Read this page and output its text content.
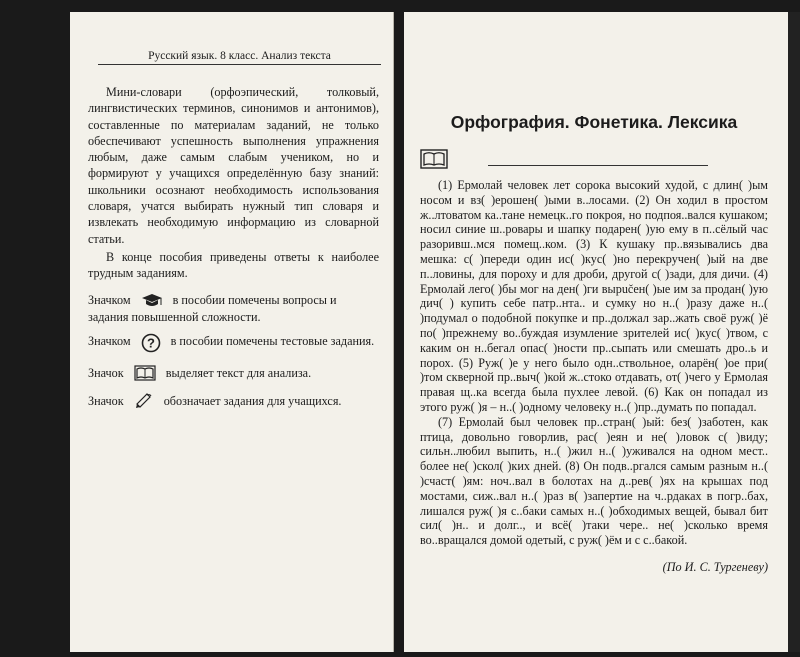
Русский язык. 8 класс. Анализ текста

Мини-словари (орфоэпический, толковый, лингвистических терминов, синонимов и антонимов), составленные по материалам заданий, не только обеспечивают успешность выполнения упражнения любым, даже самым слабым учеником, но и формируют у учащихся определённую базу знаний: школьники осознают необходимость использования словаря, учатся выбирать нужный тип словаря и извлекать необходимую информацию из словарной статьи.

В конце пособия приведены ответы к наиболее трудным заданиям.

Значком	в пособии помечены вопросы и задания повышенной сложности.
Значком ? в пособии помечены тестовые задания.
Значок	выделяет текст для анализа.
Значок	обозначает задания для учащихся.
Орфография. Фонетика. Лексика

(1) Ермолай человек лет сорока высокий худой, с длин( )ым носом и вз( )ерошен( )ыми в..лосами. (2) Он ходил в простом ж..лтоватом ка..тане немецк..го покроя, но подпоя..вался кушаком; носил синие ш..ровары и шапку подарен( )ую ему в п..сёлый час разоривш..мся помещ..ком. (3) К кушаку пр..вязывались два мешка: с( )переди один ис( )кус( )но перекручен( )ый на две п..ловины, для пороху и для дроби, другой с( )зади, для дичи. (4) Ермолай лего( )бы мог на ден( )ги вырučен( )ые им за продан( )ую дич( ) купить себе патр..нта.. и сумку но н..( )разу даже н..( )подумал о подобной покупке и пр..должал зар..жать своё руж( )ё по( )прежнему во..буждая изумление зрителей ис( )кус( )твом, с каким он н..бегал опас( )ности пр..сыпать или смешать дро..ь и порох. (5) Руж( )е у него было одн..ствольное, оларён( )ое при( )том скверной пр..выч( )кой ж..стоко отдавать, от( )чего у Ермолая правая щ..ка всегда была пухлее левой. (6) Как он попадал из этого руж( )я – н..( )одному человеку н..( )пр..думать по попадал.

(7) Ермолай был человек пр..стран( )ый: без( )заботен, как птица, довольно говорлив, рас( )еян и не( )ловок с( )виду; сильн..любил выпить, н..( )жил н..( )уживался на одном мест.. более не( )скол( )ких дней. (8) Он подв..ргался самым разным н..( )счаст( )ям: ноч..вал в болотах на д..рев( )ях на крышах под мостами, сиж..вал н..( )раз в( )запертие на ч..рдаках в погр..бах, лишался руж( )я с..баки самых н..( )обходимых вещей, бывал бит сил( )н.. и долг.., и всё( )таки чере.. не( )сколько время во..вращался домой одетый, с руж( )ём и с с..бакой.

(По И. С. Тургеневу)
